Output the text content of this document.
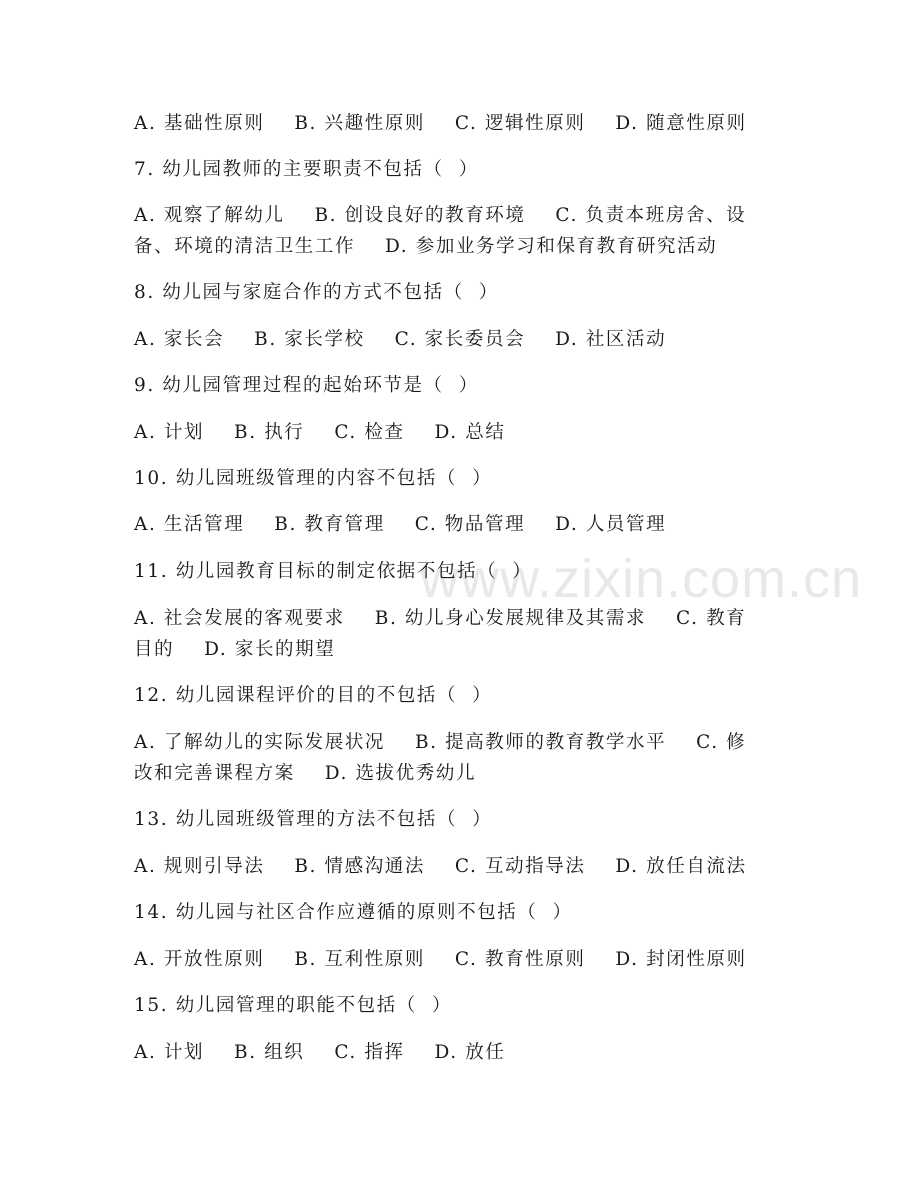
www.zixin.com.cn
A. 基础性原则    B. 兴趣性原则    C. 逻辑性原则    D. 随意性原则
7. 幼儿园教师的主要职责不包括（  ）
A. 观察了解幼儿    B. 创设良好的教育环境    C. 负责本班房舍、设
备、环境的清洁卫生工作    D. 参加业务学习和保育教育研究活动
8. 幼儿园与家庭合作的方式不包括（  ）
A. 家长会    B. 家长学校    C. 家长委员会    D. 社区活动
9. 幼儿园管理过程的起始环节是（  ）
A. 计划    B. 执行    C. 检查    D. 总结
10. 幼儿园班级管理的内容不包括（  ）
A. 生活管理    B. 教育管理    C. 物品管理    D. 人员管理
11. 幼儿园教育目标的制定依据不包括（  ）
A. 社会发展的客观要求    B. 幼儿身心发展规律及其需求    C. 教育
目的    D. 家长的期望
12. 幼儿园课程评价的目的不包括（  ）
A. 了解幼儿的实际发展状况    B. 提高教师的教育教学水平    C. 修
改和完善课程方案    D. 选拔优秀幼儿
13. 幼儿园班级管理的方法不包括（  ）
A. 规则引导法    B. 情感沟通法    C. 互动指导法    D. 放任自流法
14. 幼儿园与社区合作应遵循的原则不包括（  ）
A. 开放性原则    B. 互利性原则    C. 教育性原则    D. 封闭性原则
15. 幼儿园管理的职能不包括（  ）
A. 计划    B. 组织    C. 指挥    D. 放任
